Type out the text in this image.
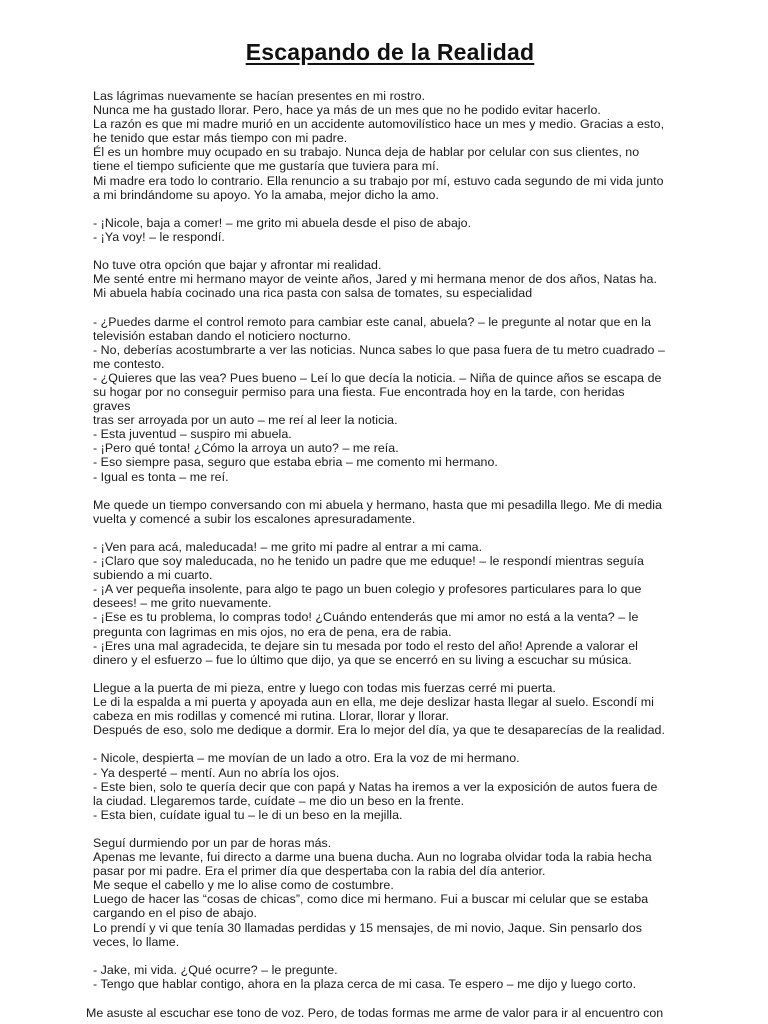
Escapando de la Realidad
Las lágrimas nuevamente se hacían presentes en mi rostro.
Nunca me ha gustado llorar. Pero, hace ya más de un mes que no he podido evitar hacerlo.
La razón es que mi madre murió en un accidente automovilístico hace un mes y medio. Gracias a esto,
he tenido que estar más tiempo con mi padre.
Él es un hombre muy ocupado en su trabajo. Nunca deja de hablar por celular con sus clientes, no
tiene el tiempo suficiente que me gustaría que tuviera para mí.
Mi madre era todo lo contrario. Ella renuncio a su trabajo por mí, estuvo cada segundo de mi vida junto
a mi brindándome su apoyo. Yo la amaba, mejor dicho la amo.
- ¡Nicole, baja a comer! – me grito mi abuela desde el piso de abajo.
- ¡Ya voy! – le respondí.
No tuve otra opción que bajar y afrontar mi realidad.
Me senté entre mi hermano mayor de veinte años, Jared y mi hermana menor de dos años, Natas ha.
Mi abuela había cocinado una rica pasta con salsa de tomates, su especialidad
- ¿Puedes darme el control remoto para cambiar este canal, abuela? – le pregunte al notar que en la
televisión estaban dando el noticiero nocturno.
- No, deberías acostumbrarte a ver las noticias. Nunca sabes lo que pasa fuera de tu metro cuadrado –
me contesto.
- ¿Quieres que las vea? Pues bueno – Leí lo que decía la noticia. – Niña de quince años se escapa de
su hogar por no conseguir permiso para una fiesta. Fue encontrada hoy en la tarde, con heridas graves
tras ser arroyada por un auto – me reí al leer la noticia.
- Esta juventud – suspiro mi abuela.
- ¡Pero qué tonta! ¿Cómo la arroya un auto? – me reía.
- Eso siempre pasa, seguro que estaba ebria – me comento mi hermano.
- Igual es tonta – me reí.
Me quede un tiempo conversando con mi abuela y hermano, hasta que mi pesadilla llego. Me di media
vuelta y comencé a subir los escalones apresuradamente.
- ¡Ven para acá, maleducada! – me grito mi padre al entrar a mi cama.
- ¡Claro que soy maleducada, no he tenido un padre que me eduque! – le respondí mientras seguía
subiendo a mi cuarto.
- ¡A ver pequeña insolente, para algo te pago un buen colegio y profesores particulares para lo que
desees! – me grito nuevamente.
- ¡Ese es tu problema, lo compras todo! ¿Cuándo entenderás que mi amor no está a la venta? – le
pregunta con lagrimas en mis ojos, no era de pena, era de rabia.
- ¡Eres una mal agradecida, te dejare sin tu mesada por todo el resto del año! Aprende a valorar el
dinero y el esfuerzo – fue lo último que dijo, ya que se encerró en su living a escuchar su música.
Llegue a la puerta de mi pieza, entre y luego con todas mis fuerzas cerré mi puerta.
Le di la espalda a mi puerta y apoyada aun en ella, me deje deslizar hasta llegar al suelo. Escondí mi
cabeza en mis rodillas y comencé mi rutina. Llorar, llorar y llorar.
Después de eso, solo me dedique a dormir. Era lo mejor del día, ya que te desaparecías de la realidad.
- Nicole, despierta – me movían de un lado a otro. Era la voz de mi hermano.
- Ya desperté – mentí. Aun no abría los ojos.
- Este bien, solo te quería decir que con papá y Natas ha iremos a ver la exposición de autos fuera de
la ciudad. Llegaremos tarde, cuídate – me dio un beso en la frente.
- Esta bien, cuídate igual tu – le di un beso en la mejilla.
Seguí durmiendo por un par de horas más.
Apenas me levante, fui directo a darme una buena ducha. Aun no lograba olvidar toda la rabia hecha
pasar por mi padre. Era el primer día que despertaba con la rabia del día anterior.
Me seque el cabello y me lo alise como de costumbre.
Luego de hacer las “cosas de chicas”, como dice mi hermano. Fui a buscar mi celular que se estaba
cargando en el piso de abajo.
Lo prendí y vi que tenía 30 llamadas perdidas y 15 mensajes, de mi novio, Jaque. Sin pensarlo dos
veces, lo llame.
- Jake, mi vida. ¿Qué ocurre? – le pregunte.
- Tengo que hablar contigo, ahora en la plaza cerca de mi casa. Te espero – me dijo y luego corto.
Me asuste al escuchar ese tono de voz. Pero, de todas formas me arme de valor para ir al encuentro con
